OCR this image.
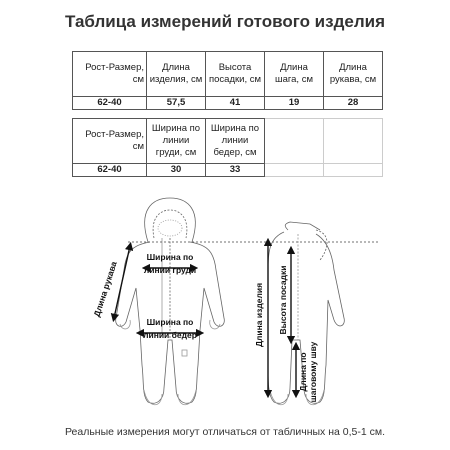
Таблица измерений готового изделия
Рост-Размер, см	Длина изделия, см	Высота посадки, см	Длина шага, см	Длина рукава, см
62-40	57,5	41	19	28
Рост-Размер, см	Ширина по линии груди, см	Ширина по линии бедер, см		
62-40	30	33		
Ширина по линии груди
Ширина по линии бедер
Длина рукава	Длина изделия Высота посадки
Длина пошаговому шву
Реальные измерения могут отличаться от табличных на 0,5-1 см.
